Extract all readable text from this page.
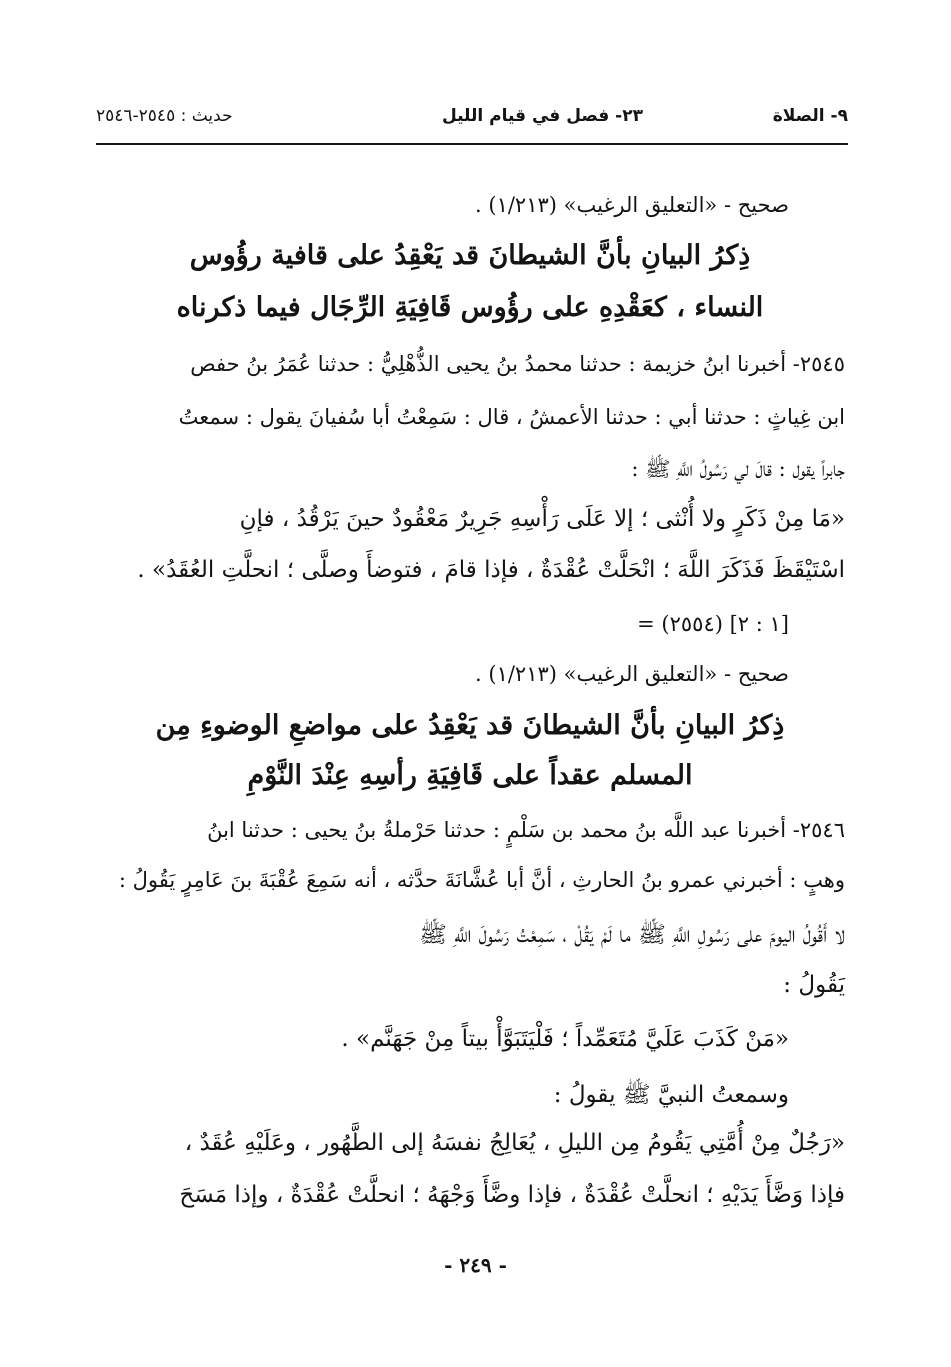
٩- الصلاة
٢٣- فصل في قيام الليل
حديث : ٢٥٤٥-٢٥٤٦
صحيح - «التعليق الرغيب» (١/٢١٣) .
ذِكرُ البيانِ بأنَّ الشيطانَ قد يَعْقِدُ على قافية رؤُوس
النساء ، كعَقْدِهِ على رؤُوس قَافِيَةِ الرِّجَال فيما ذكرناه
٢٥٤٥- أخبرنا ابنُ خزيمة : حدثنا محمدُ بنُ يحيى الذُّهْلِيُّ : حدثنا عُمَرُ بنُ حفص
ابن غِياثٍ : حدثنا أبي : حدثنا الأعمشُ ، قال : سَمِعْتُ أبا سُفيانَ يقول : سمعتُ
جابراً يقول : قالَ لي رَسُولُ اللَّهِ ﷺ :
«مَا مِنْ ذَكَرٍ ولا أُنْثى ؛ إلا عَلَى رَأْسِهِ جَرِيرٌ مَعْقُودٌ حينَ يَرْقُدُ ، فإنِ
اسْتَيْقَظَ فَذَكَرَ اللَّهَ ؛ انْحَلَّتْ عُقْدَةٌ ، فإذا قامَ ، فتوضأَ وصلَّى ؛ انحلَّتِ العُقَدُ» .
= (٢٥٥٤) [١ : ٢]
صحيح - «التعليق الرغيب» (١/٢١٣) .
ذِكرُ البيانِ بأنَّ الشيطانَ قد يَعْقِدُ على مواضعِ الوضوءِ مِن
المسلم عقداً على قَافِيَةِ رأسِهِ عِنْدَ النَّوْمِ
٢٥٤٦- أخبرنا عبد اللَّه بنُ محمد بن سَلْمٍ : حدثنا حَرْملةُ بنُ يحيى : حدثنا ابنُ
وهبٍ : أخبرني عمرو بنُ الحارثِ ، أنَّ أبا عُشَّانَةَ حدَّثه ، أنه سَمِعَ عُقْبَةَ بنَ عَامِرٍ يَقُولُ :
لا أَقُولُ اليومَ على رَسُولِ اللَّهِ ﷺ ما لَمْ يَقُلْ ، سَمِعْتُ رَسُولَ اللَّهِ ﷺ
يَقُولُ :
«مَنْ كَذَبَ عَلَيَّ مُتَعَمِّداً ؛ فَلْيَتَبَوَّأْ بيتاً مِنْ جَهَنَّم» .
وسمعتُ النبيَّ ﷺ يقولُ :
«رَجُلٌ مِنْ أُمَّتِي يَقُومُ مِن الليلِ ، يُعَالِجُ نفسَهُ إلى الطَّهُور ، وعَلَيْهِ عُقَدٌ ،
فإذا وَضَّأَ يَدَيْهِ ؛ انحلَّتْ عُقْدَةٌ ، فإذا وضَّأَ وَجْهَهُ ؛ انحلَّتْ عُقْدَةٌ ، وإذا مَسَحَ
- ٢٤٩ -
